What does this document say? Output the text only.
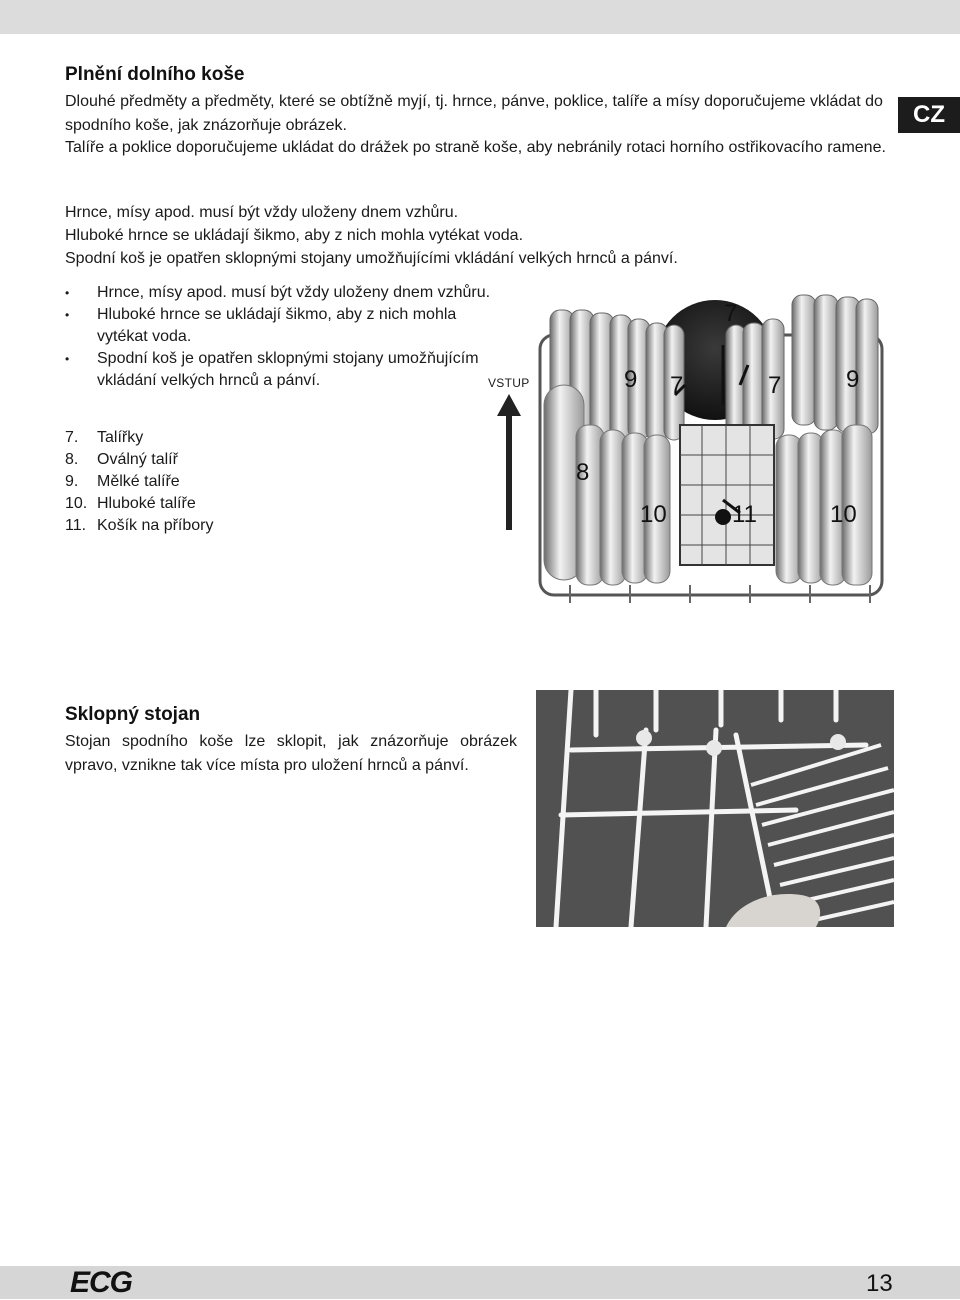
CZ
Plnění dolního koše

Dlouhé předměty a předměty, které se obtížně myjí, tj. hrnce, pánve, poklice, talíře a mísy doporučujeme vkládat do spodního koše, jak znázorňuje obrázek.

Talíře a poklice doporučujeme ukládat do drážek po straně koše, aby nebránily rotaci horního ostřikovacího ramene.

Hrnce, mísy apod. musí být vždy uloženy dnem vzhůru.

Hluboké hrnce se ukládají šikmo, aby z nich mohla vytékat voda.

Spodní koš je opatřen sklopnými stojany umožňujícími vkládání velkých hrnců a pánví.

• Hrnce, mísy apod. musí být vždy uloženy dnem vzhůru.
• Hluboké hrnce se ukládají šikmo, aby z nich mohla vytékat voda.
• Spodní koš je opatřen sklopnými stojany umožňujícím vkládání velkých hrnců a pánví.
7.	Talířky
8.	Oválný talíř
9.	Mělké talíře
10. Hluboké talíře
11. Košík na příbory
VSTUP
7
9 7	7	9
8
10	11	10
Sklopný stojan

Stojan spodního koše lze sklopit, jak znázorňuje obrázek vpravo, vznikne tak více místa pro uložení hrnců a pánví.

ECG	13
